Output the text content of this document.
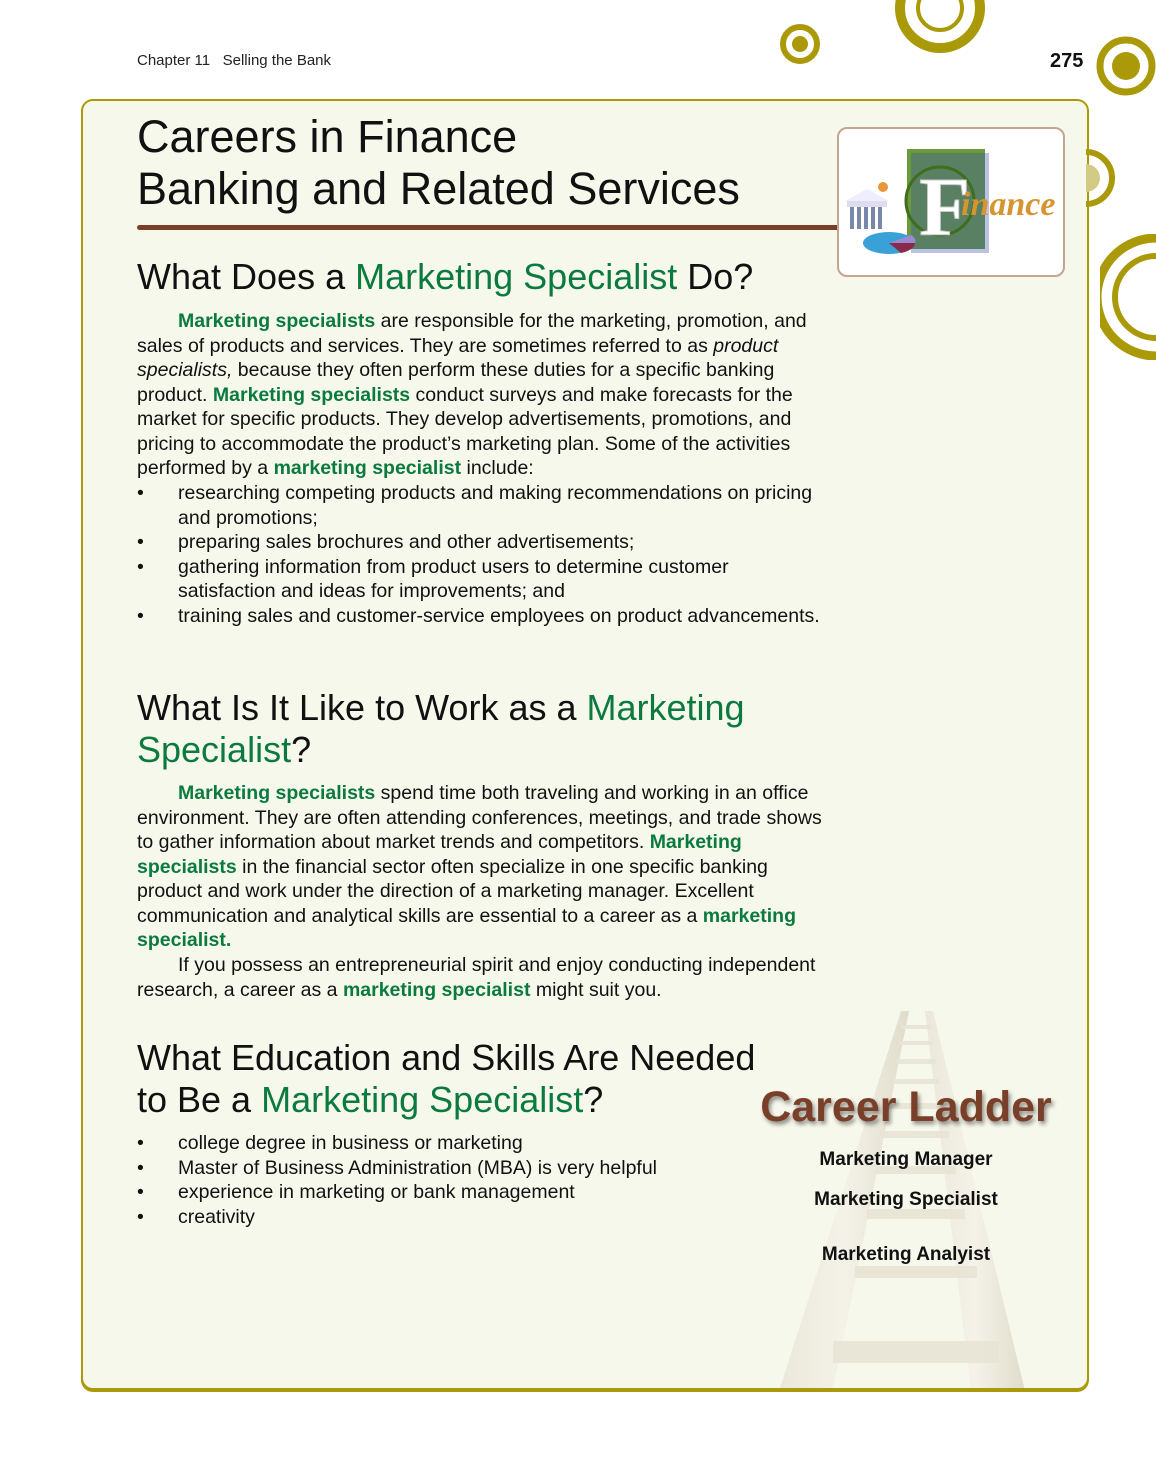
Chapter 11   Selling the Bank	275
Careers in Finance
Banking and Related Services F
inance
What Does a Marketing Specialist Do?

Marketing specialists are responsible for the marketing, promotion, and sales of products and services. They are sometimes referred to as product specialists, because they often perform these duties for a specific banking product. Marketing specialists conduct surveys and make forecasts for the market for specific products. They develop advertisements, promotions, and pricing to accommodate the product’s marketing plan. Some of the activities performed by a marketing specialist include:

• researching competing products and making recommendations on pricing and promotions;
• preparing sales brochures and other advertisements;
• gathering information from product users to determine customer satisfaction and ideas for improvements; and
• training sales and customer-service employees on product advancements.
What Is It Like to Work as a Marketing
Specialist?

Marketing specialists spend time both traveling and working in an office environment. They are often attending conferences, meetings, and trade shows to gather information about market trends and competitors. Marketing specialists in the financial sector often specialize in one specific banking product and work under the direction of a marketing manager. Excellent communication and analytical skills are essential to a career as a marketing specialist.

If you possess an entrepreneurial spirit and enjoy conducting independent research, a career as a marketing specialist might suit you.

What Education and Skills Are Needed
to Be a Marketing Specialist?
• college degree in business or marketing
• Master of Business Administration (MBA) is very helpful
• experience in marketing or bank management
• creativity
Career Ladder
Marketing Manager
Marketing Specialist
Marketing Analyist
